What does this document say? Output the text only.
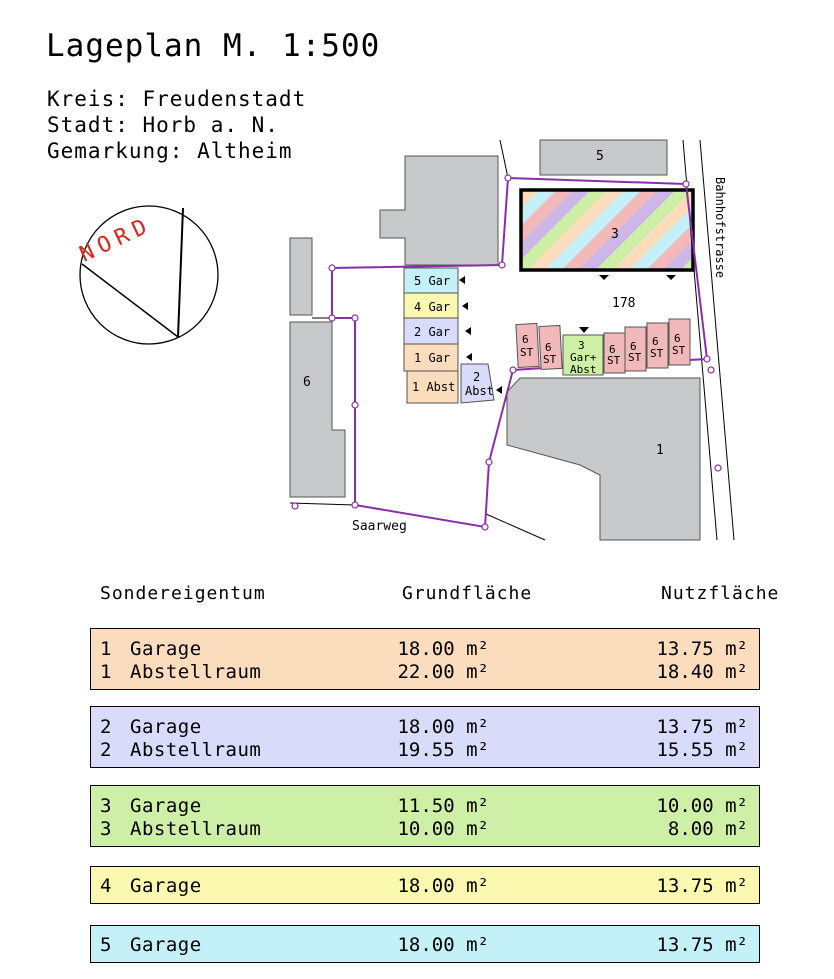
Lageplan M. 1:500
Kreis: Freudenstadt
Stadt: Horb a. N.
Gemarkung: Altheim
NORD
5 Gar
4 Gar
2 Gar
1 Gar
1 Abst
2
Abst
6
ST 6
ST
3
Gar+
Abst
6
ST
6
ST
6
ST
6
ST
5
3
6
1
178
Saarweg
Bahnhofstrasse
Sondereigentum	Grundfläche	Nutzfläche
1 Garage	18.00 m²	13.75 m²
1 Abstellraum	22.00 m²	18.40 m²
2 Garage	18.00 m²	13.75 m²
2 Abstellraum	19.55 m²	15.55 m²
3 Garage	11.50 m²	10.00 m²
3 Abstellraum	10.00 m²	8.00 m²
4 Garage	18.00 m²	13.75 m²
5 Garage	18.00 m²	13.75 m²
